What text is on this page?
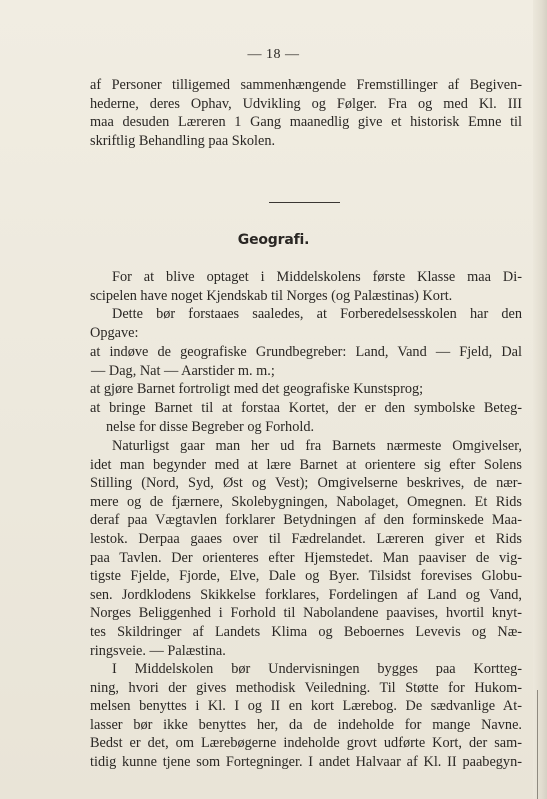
— 18 —

af Personer tilligemed sammenhængende Fremstillinger af Begiven-
hederne, deres Ophav, Udvikling og Følger. Fra og med Kl. III
maa desuden Læreren 1 Gang maanedlig give et historisk Emne til
skriftlig Behandling paa Skolen.

Geografi.

For at blive optaget i Middelskolens første Klasse maa Di-
scipelen have noget Kjendskab til Norges (og Palæstinas) Kort.

Dette bør forstaaes saaledes, at Forberedelsesskolen har den
Opgave:

at indøve de geografiske Grundbegreber: Land, Vand — Fjeld, Dal
— Dag, Nat — Aarstider m. m.;

at gjøre Barnet fortroligt med det geografiske Kunstsprog;

at bringe Barnet til at forstaa Kortet, der er den symbolske Beteg-
nelse for disse Begreber og Forhold.

Naturligst gaar man her ud fra Barnets nærmeste Omgivelser,
idet man begynder med at lære Barnet at orientere sig efter Solens
Stilling (Nord, Syd, Øst og Vest); Omgivelserne beskrives, de nær-
mere og de fjærnere, Skolebygningen, Nabolaget, Omegnen. Et Rids
deraf paa Vægtavlen forklarer Betydningen af den forminskede Maa-
lestok. Derpaa gaaes over til Fædrelandet. Læreren giver et Rids
paa Tavlen. Der orienteres efter Hjemstedet. Man paaviser de vig-
tigste Fjelde, Fjorde, Elve, Dale og Byer. Tilsidst forevises Globu-
sen. Jordklodens Skikkelse forklares, Fordelingen af Land og Vand,
Norges Beliggenhed i Forhold til Nabolandene paavises, hvortil knyt-
tes Skildringer af Landets Klima og Beboernes Levevis og Næ-
ringsveie. — Palæstina.

I Middelskolen bør Undervisningen bygges paa Kortteg-
ning, hvori der gives methodisk Veiledning. Til Støtte for Hukom-
melsen benyttes i Kl. I og II en kort Lærebog. De sædvanlige At-
lasser bør ikke benyttes her, da de indeholde for mange Navne.
Bedst er det, om Lærebøgerne indeholde grovt udførte Kort, der sam-
tidig kunne tjene som Fortegninger. I andet Halvaar af Kl. II paabegyn-
